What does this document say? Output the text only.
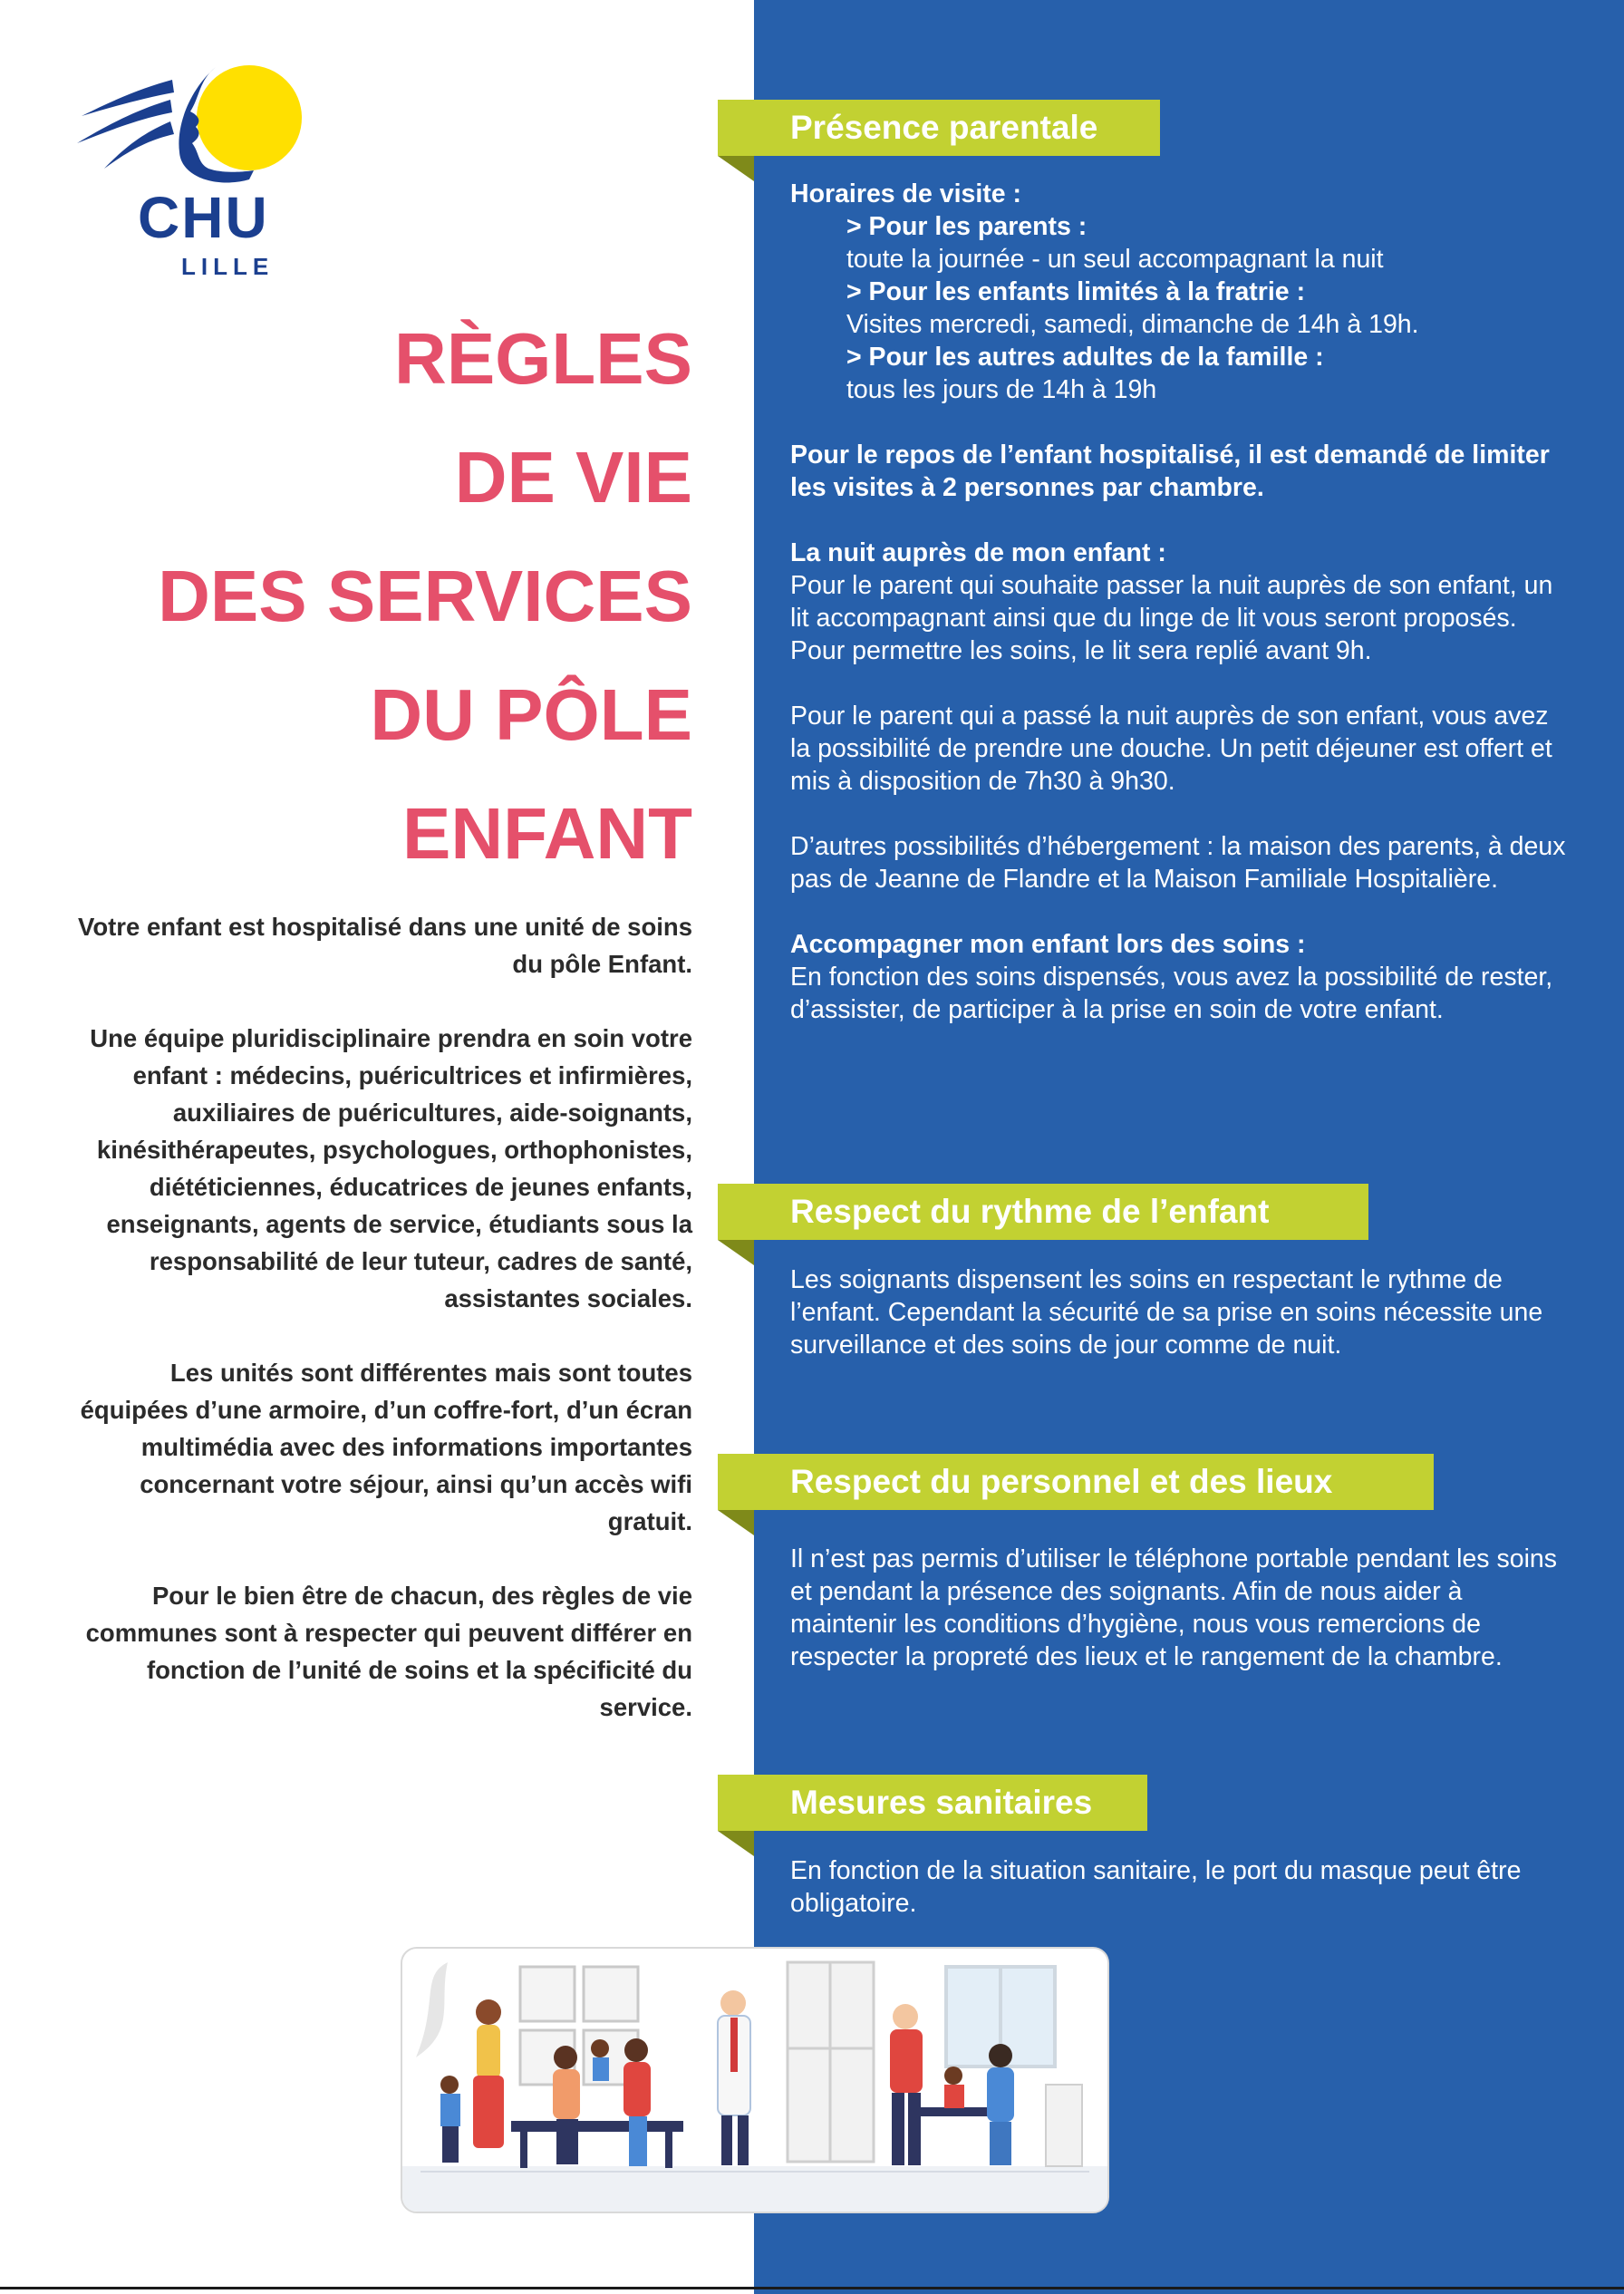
CHU
LILLE
RÈGLES
DE VIE
DES SERVICES
DU PÔLE
ENFANT

Votre enfant est hospitalisé dans une unité de soins du pôle Enfant.

Une équipe pluridisciplinaire prendra en soin votre enfant : médecins, puéricultrices et infirmières, auxiliaires de puéricultures, aide-soignants, kinésithérapeutes, psychologues, orthophonistes, diététiciennes, éducatrices de jeunes enfants, enseignants, agents de service, étudiants sous la responsabilité de leur tuteur, cadres de santé, assistantes sociales.

Les unités sont différentes mais sont toutes équipées d’une armoire, d’un coffre-fort, d’un écran multimédia avec des informations importantes concernant votre séjour, ainsi qu’un accès wifi gratuit.

Pour le bien être de chacun, des règles de vie communes sont à respecter qui peuvent différer en fonction de l’unité de soins et la spécificité du service.

Présence parentale
Horaires de visite :
> Pour les parents :
toute la journée - un seul accompagnant la nuit
> Pour les enfants limités à la fratrie :
Visites mercredi, samedi, dimanche de 14h à 19h.
> Pour les autres adultes de la famille :
tous les jours de 14h à 19h
Pour le repos de l’enfant hospitalisé, il est demandé de limiter les visites à 2 personnes par chambre.
La nuit auprès de mon enfant :
Pour le parent qui souhaite passer la nuit auprès de son enfant, un lit accompagnant ainsi que du linge de lit vous seront proposés. Pour permettre les soins, le lit sera replié avant 9h.
Pour le parent qui a passé la nuit auprès de son enfant, vous avez la possibilité de prendre une douche. Un petit déjeuner est offert et mis à disposition de 7h30 à 9h30.
D’autres possibilités d’hébergement : la maison des parents, à deux pas de Jeanne de Flandre et la Maison Familiale Hospitalière.
Accompagner mon enfant lors des soins :
En fonction des soins dispensés, vous avez la possibilité de rester, d’assister, de participer à la prise en soin de votre enfant.
Respect du rythme de l’enfant
Les soignants dispensent les soins en respectant le rythme de l’enfant. Cependant la sécurité de sa prise en soins nécessite une surveillance et des soins de jour comme de nuit.
Respect du personnel et des lieux
Il n’est pas permis d’utiliser le téléphone portable pendant les soins et pendant la présence des soignants. Afin de nous aider à maintenir les conditions d’hygiène, nous vous remercions de respecter la propreté des lieux et le rangement de la chambre.
Mesures sanitaires
En fonction de la situation sanitaire, le port du masque peut être obligatoire.
